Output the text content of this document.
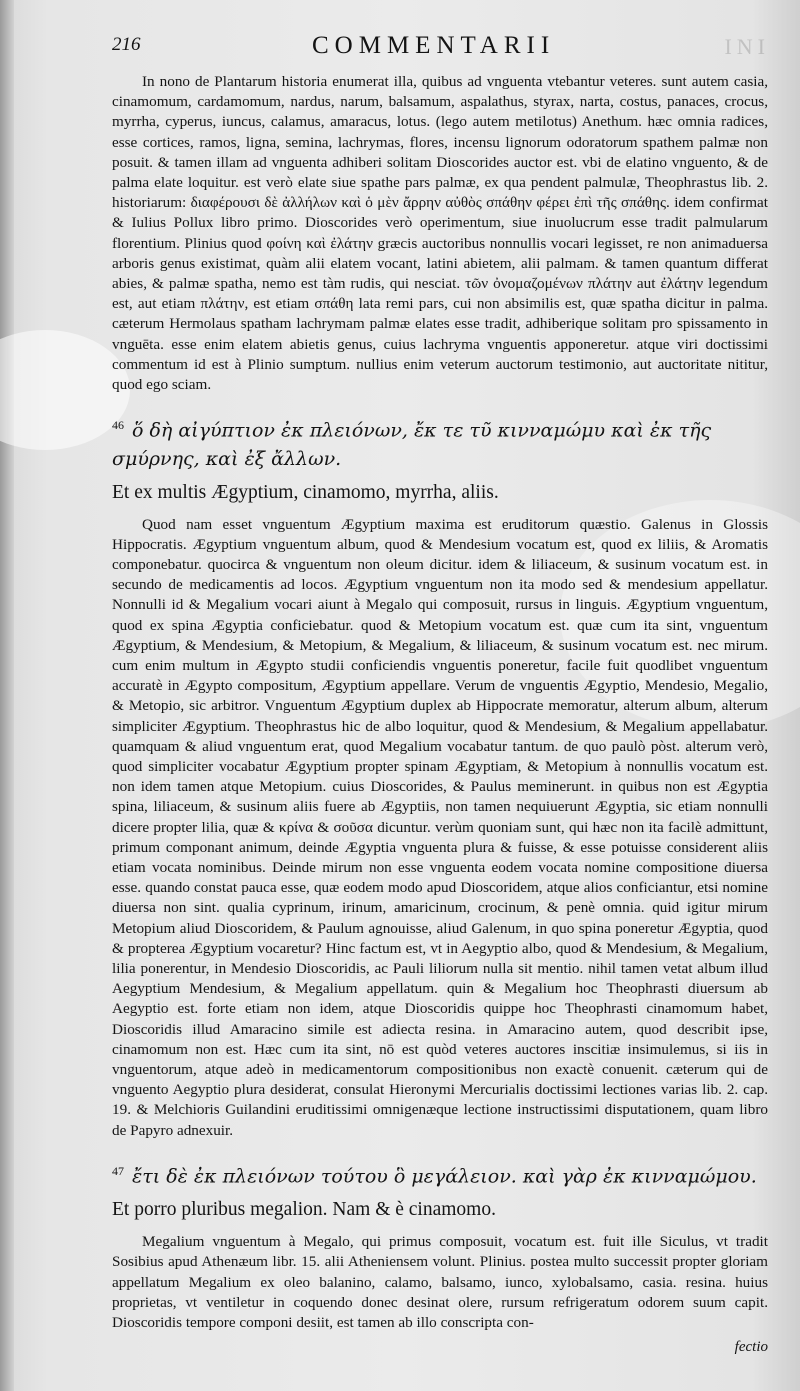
216	COMMENTARII	INI

In nono de Plantarum historia enumerat illa, quibus ad vnguenta vtebantur veteres. sunt autem casia, cinamomum, cardamomum, nardus, narum, balsamum, aspalathus, styrax, narta, costus, panaces, crocus, myrrha, cyperus, iuncus, calamus, amaracus, lotus. (lego autem metilotus) Anethum. hæc omnia radices, esse cortices, ramos, ligna, semina, lachrymas, flores, incensu lignorum odoratorum spathem palmæ non posuit. & tamen illam ad vnguenta adhiberi solitam Dioscorides auctor est. vbi de elatino vnguento, & de palma elate loquitur. est verò elate siue spathe pars palmæ, ex qua pendent palmulæ, Theophrastus lib. 2. historiarum: διαφέρουσι δὲ ἀλλήλων καὶ ὁ μὲν ἄρρην αὐθὸς σπάθην φέρει ἐπὶ τῆς σπάθης. idem confirmat & Iulius Pollux libro primo. Dioscorides verò operimentum, siue inuolucrum esse tradit palmularum florentium. Plinius quod φοίνη καὶ ἐλάτην græcis auctoribus nonnullis vocari legisset, re non animaduersa arboris genus existimat, quàm alii elatem vocant, latini abietem, alii palmam. & tamen quantum differat abies, & palmæ spatha, nemo est tàm rudis, qui nesciat. τῶν ὀνομαζομένων πλάτην aut ἐλάτην legendum est, aut etiam πλάτην, est etiam σπάθη lata remi pars, cui non absimilis est, quæ spatha dicitur in palma. cæterum Hermolaus spatham lachrymam palmæ elates esse tradit, adhiberique solitam pro spissamento in vnguēta. esse enim elatem abietis genus, cuius lachryma vnguentis apponeretur. atque viri doctissimi commentum id est à Plinio sumptum. nullius enim veterum auctorum testimonio, aut auctoritate nititur, quod ego sciam.

$^{46}$ ὅ δὴ αἰγύπτιον ἐκ πλειόνων, ἔκ τε τῦ κινναμώμυ καὶ ἐκ τῆς σμύρνης, καὶ ἐξ ἄλλων.
Et ex multis Ægyptium, cinamomo, myrrha, aliis.

Quod nam esset vnguentum Ægyptium maxima est eruditorum quæstio. Galenus in Glossis Hippocratis. Ægyptium vnguentum album, quod & Mendesium vocatum est, quod ex liliis, & Aromatis componebatur. quocirca & vnguentum non oleum dicitur. idem & liliaceum, & susinum vocatum est. in secundo de medicamentis ad locos. Ægyptium vnguentum non ita modo sed & mendesium appellatur. Nonnulli id & Megalium vocari aiunt à Megalo qui composuit, rursus in linguis. Ægyptium vnguentum, quod ex spina Ægyptia conficiebatur. quod & Metopium vocatum est. quæ cum ita sint, vnguentum Ægyptium, & Mendesium, & Metopium, & Megalium, & liliaceum, & susinum vocatum est. nec mirum. cum enim multum in Ægypto studii conficiendis vnguentis poneretur, facile fuit quodlibet vnguentum accuratè in Ægypto compositum, Ægyptium appellare. Verum de vnguentis Ægyptio, Mendesio, Megalio, & Metopio, sic arbitror. Vnguentum Ægyptium duplex ab Hippocrate memoratur, alterum album, alterum simpliciter Ægyptium. Theophrastus hic de albo loquitur, quod & Mendesium, & Megalium appellabatur. quamquam & aliud vnguentum erat, quod Megalium vocabatur tantum. de quo paulò pòst. alterum verò, quod simpliciter vocabatur Ægyptium propter spinam Ægyptiam, & Metopium à nonnullis vocatum est. non idem tamen atque Metopium. cuius Dioscorides, & Paulus meminerunt. in quibus non est Ægyptia spina, liliaceum, & susinum aliis fuere ab Ægyptiis, non tamen nequiuerunt Ægyptia, sic etiam nonnulli dicere propter lilia, quæ & κρίνα & σοῦσα dicuntur. verùm quoniam sunt, qui hæc non ita facilè admittunt, primum componant animum, deinde Ægyptia vnguenta plura & fuisse, & esse potuisse considerent aliis etiam vocata nominibus. Deinde mirum non esse vnguenta eodem vocata nomine compositione diuersa esse. quando constat pauca esse, quæ eodem modo apud Dioscoridem, atque alios conficiantur, etsi nomine diuersa non sint. qualia cyprinum, irinum, amaricinum, crocinum, & penè omnia. quid igitur mirum Metopium aliud Dioscoridem, & Paulum agnouisse, aliud Galenum, in quo spina poneretur Ægyptia, quod & propterea Ægyptium vocaretur? Hinc factum est, vt in Aegyptio albo, quod & Mendesium, & Megalium, lilia ponerentur, in Mendesio Dioscoridis, ac Pauli liliorum nulla sit mentio. nihil tamen vetat album illud Aegyptium Mendesium, & Megalium appellatum. quin & Megalium hoc Theophrasti diuersum ab Aegyptio est. forte etiam non idem, atque Dioscoridis quippe hoc Theophrasti cinamomum habet, Dioscoridis illud Amaracino simile est adiecta resina. in Amaracino autem, quod describit ipse, cinamomum non est. Hæc cum ita sint, nō est quòd veteres auctores inscitiæ insimulemus, si iis in vnguentorum, atque adeò in medicamentorum compositionibus non exactè conuenit. cæterum qui de vnguento Aegyptio plura desiderat, consulat Hieronymi Mercurialis doctissimi lectiones varias lib. 2. cap. 19. & Melchioris Guilandini eruditissimi omnigenæque lectione instructissimi disputationem, quam libro de Papyro adnexuir.

$^{47}$ ἔτι δὲ ἐκ πλειόνων τούτου ὃ μεγάλειον. καὶ γὰρ ἐκ κινναμώμου.
Et porro pluribus megalion. Nam & è cinamomo.

Megalium vnguentum à Megalo, qui primus composuit, vocatum est. fuit ille Siculus, vt tradit Sosibius apud Athenæum libr. 15. alii Atheniensem volunt. Plinius. postea multo successit propter gloriam appellatum Megalium ex oleo balanino, calamo, balsamo, iunco, xylobalsamo, casia. resina. huius proprietas, vt ventiletur in coquendo donec desinat olere, rursum refrigeratum odorem suum capit. Dioscoridis tempore componi desiit, est tamen ab illo conscripta con-

fectio
